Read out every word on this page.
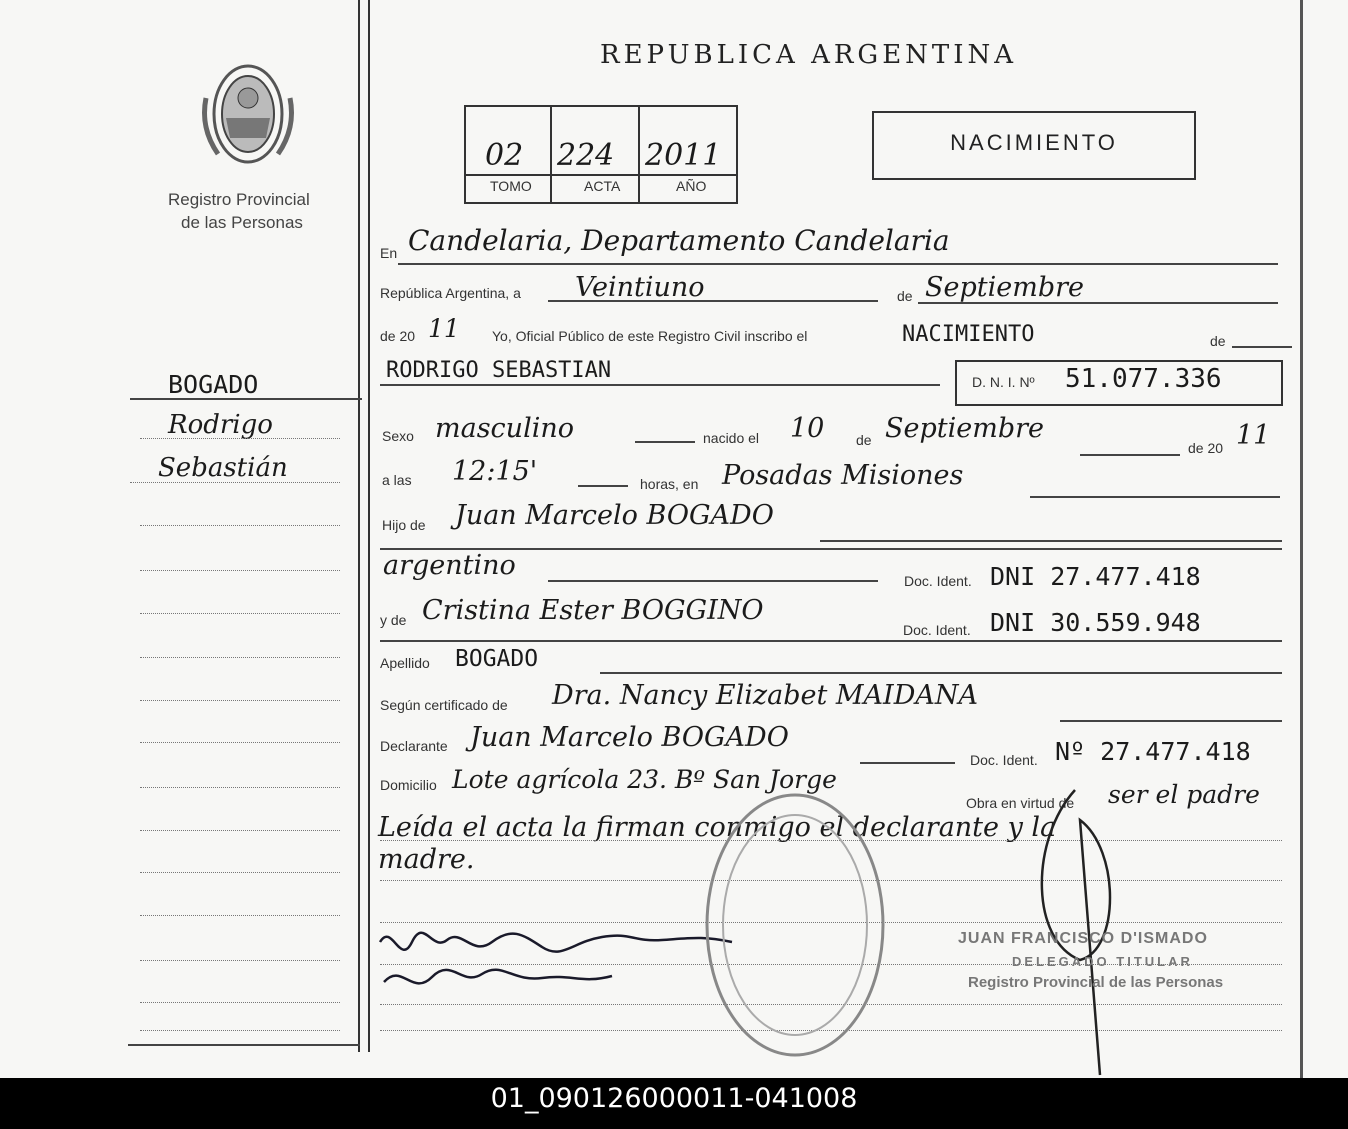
Registro Provincial
de las Personas
REPUBLICA ARGENTINA
02 224 2011
TOMO	ACTA	AÑO
NACIMIENTO
BOGADO
Rodrigo
Sebastián
En Candelaria, Departamento Candelaria
República Argentina, a Veintiuno	de Septiembre
de 20 11 Yo, Oficial Público de este Registro Civil inscribo el	NACIMIENTO	de
RODRIGO SEBASTIAN	D. N. I. Nº 51.077.336
Sexo masculino	nacido el 10 de Septiembre
de 20 11
a las 12:15'	horas, en Posadas Misiones
Hijo de Juan Marcelo BOGADO
argentino	Doc. Ident. DNI 27.477.418
y de Cristina Ester BOGGINO
Doc. Ident. DNI 30.559.948
Apellido BOGADO
Según certificado de Dra. Nancy Elizabet MAIDANA
Declarante Juan Marcelo BOGADO
Doc. Ident. Nº 27.477.418
Domicilio Lote agrícola 23. Bº San Jorge
Obra en virtud de ser el padre
Leída el acta la firman conmigo el declarante y la
madre.
JUAN FRANCISCO D'ISMADO
DELEGADO TITULAR
Registro Provincial de las Personas
01_090126000011-041008
